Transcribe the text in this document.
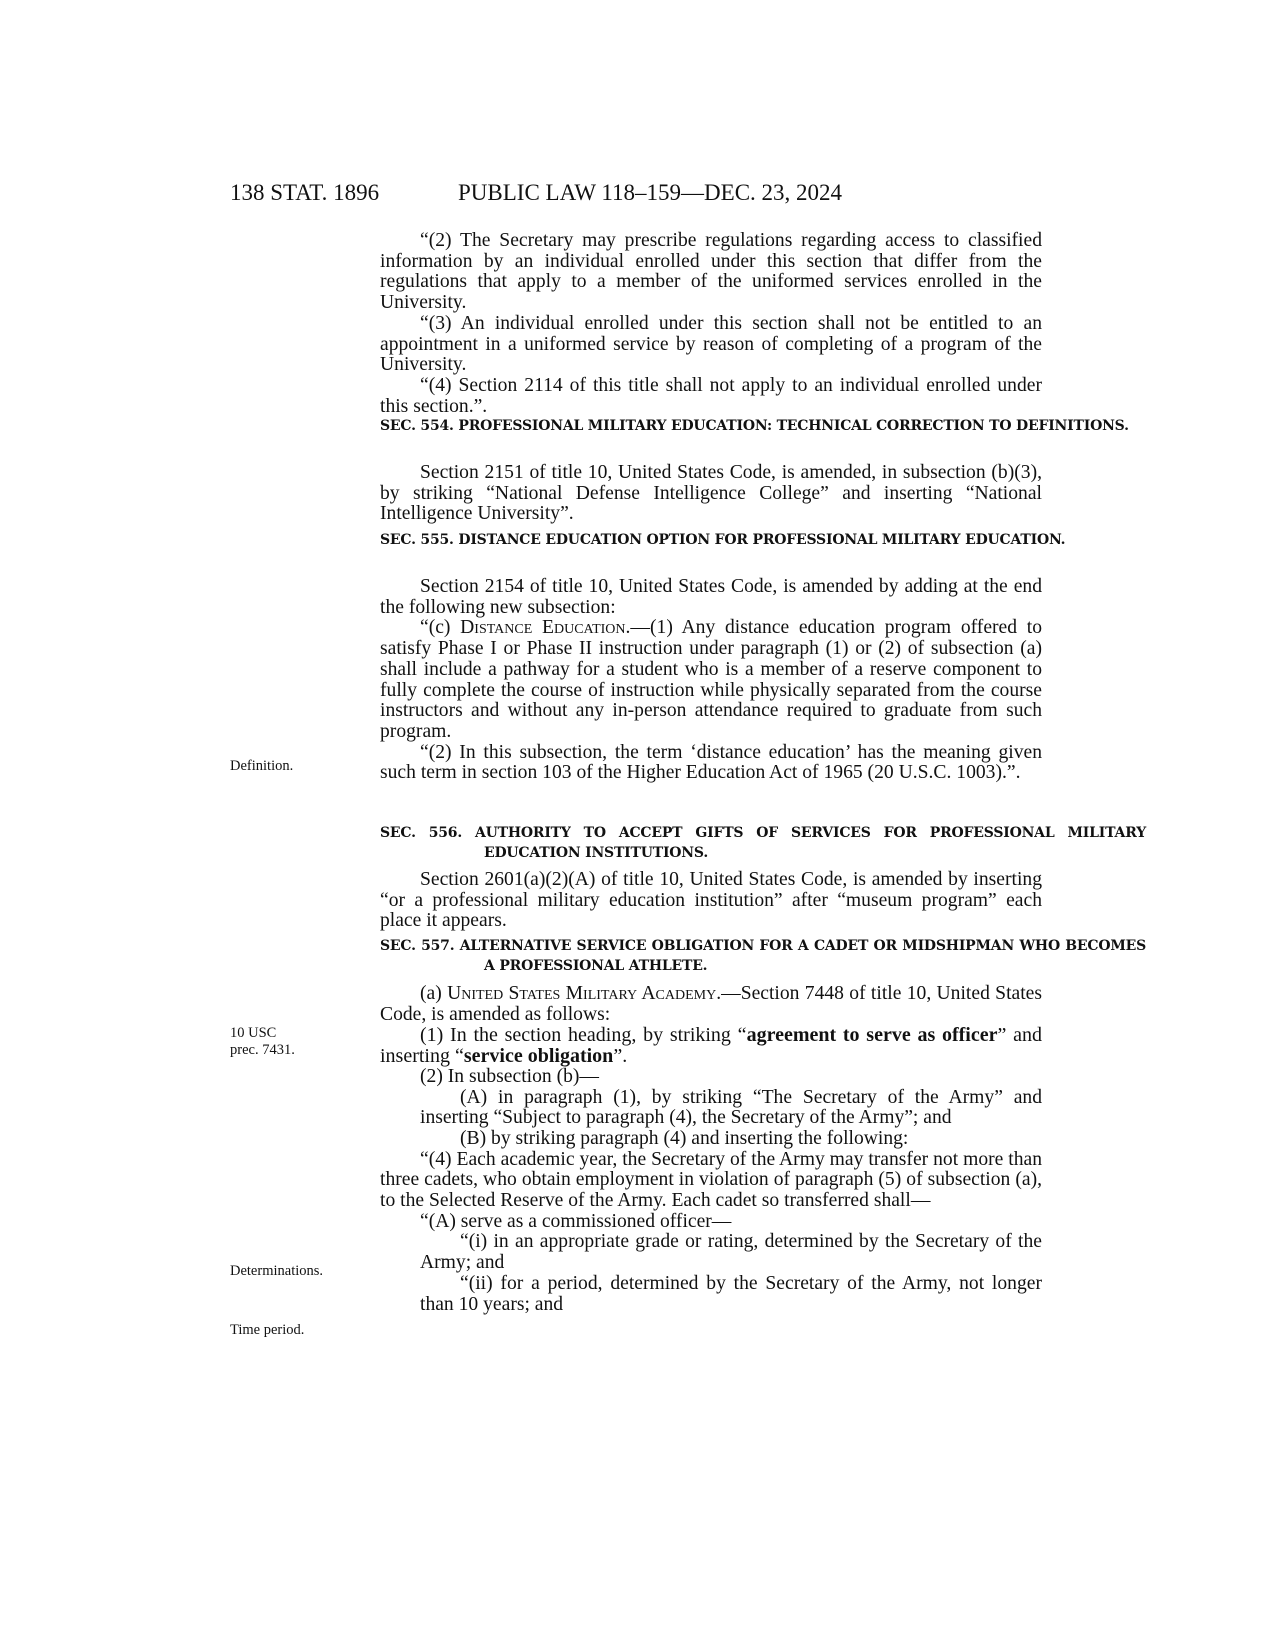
138 STAT. 1896	PUBLIC LAW 118–159—DEC. 23, 2024
Definition.
10 USC
prec. 7431.
Determinations.
Time period.

“(2) The Secretary may prescribe regulations regarding access to classified information by an individual enrolled under this section that differ from the regulations that apply to a member of the uniformed services enrolled in the University.

“(3) An individual enrolled under this section shall not be entitled to an appointment in a uniformed service by reason of completing of a program of the University.

“(4) Section 2114 of this title shall not apply to an individual enrolled under this section.”.

SEC. 554. PROFESSIONAL MILITARY EDUCATION: TECHNICAL CORRECTION TO DEFINITIONS.

Section 2151 of title 10, United States Code, is amended, in subsection (b)(3), by striking “National Defense Intelligence College” and inserting “National Intelligence University”.

SEC. 555. DISTANCE EDUCATION OPTION FOR PROFESSIONAL MILITARY EDUCATION.

Section 2154 of title 10, United States Code, is amended by adding at the end the following new subsection:

“(c) Distance Education.—(1) Any distance education program offered to satisfy Phase I or Phase II instruction under paragraph (1) or (2) of subsection (a) shall include a pathway for a student who is a member of a reserve component to fully complete the course of instruction while physically separated from the course instructors and without any in-person attendance required to graduate from such program.

“(2) In this subsection, the term ‘distance education’ has the meaning given such term in section 103 of the Higher Education Act of 1965 (20 U.S.C. 1003).”.

SEC. 556. AUTHORITY TO ACCEPT GIFTS OF SERVICES FOR PROFESSIONAL MILITARY EDUCATION INSTITUTIONS.

Section 2601(a)(2)(A) of title 10, United States Code, is amended by inserting “or a professional military education institution” after “museum program” each place it appears.

SEC. 557. ALTERNATIVE SERVICE OBLIGATION FOR A CADET OR MIDSHIPMAN WHO BECOMES A PROFESSIONAL ATHLETE.

(a) United States Military Academy.—Section 7448 of title 10, United States Code, is amended as follows:

(1) In the section heading, by striking “agreement to serve as officer” and inserting “service obligation”.

(2) In subsection (b)—

(A) in paragraph (1), by striking “The Secretary of the Army” and inserting “Subject to paragraph (4), the Secretary of the Army”; and

(B) by striking paragraph (4) and inserting the following:

“(4) Each academic year, the Secretary of the Army may transfer not more than three cadets, who obtain employment in violation of paragraph (5) of subsection (a), to the Selected Reserve of the Army. Each cadet so transferred shall—

“(A) serve as a commissioned officer—

“(i) in an appropriate grade or rating, determined by the Secretary of the Army; and

“(ii) for a period, determined by the Secretary of the Army, not longer than 10 years; and
